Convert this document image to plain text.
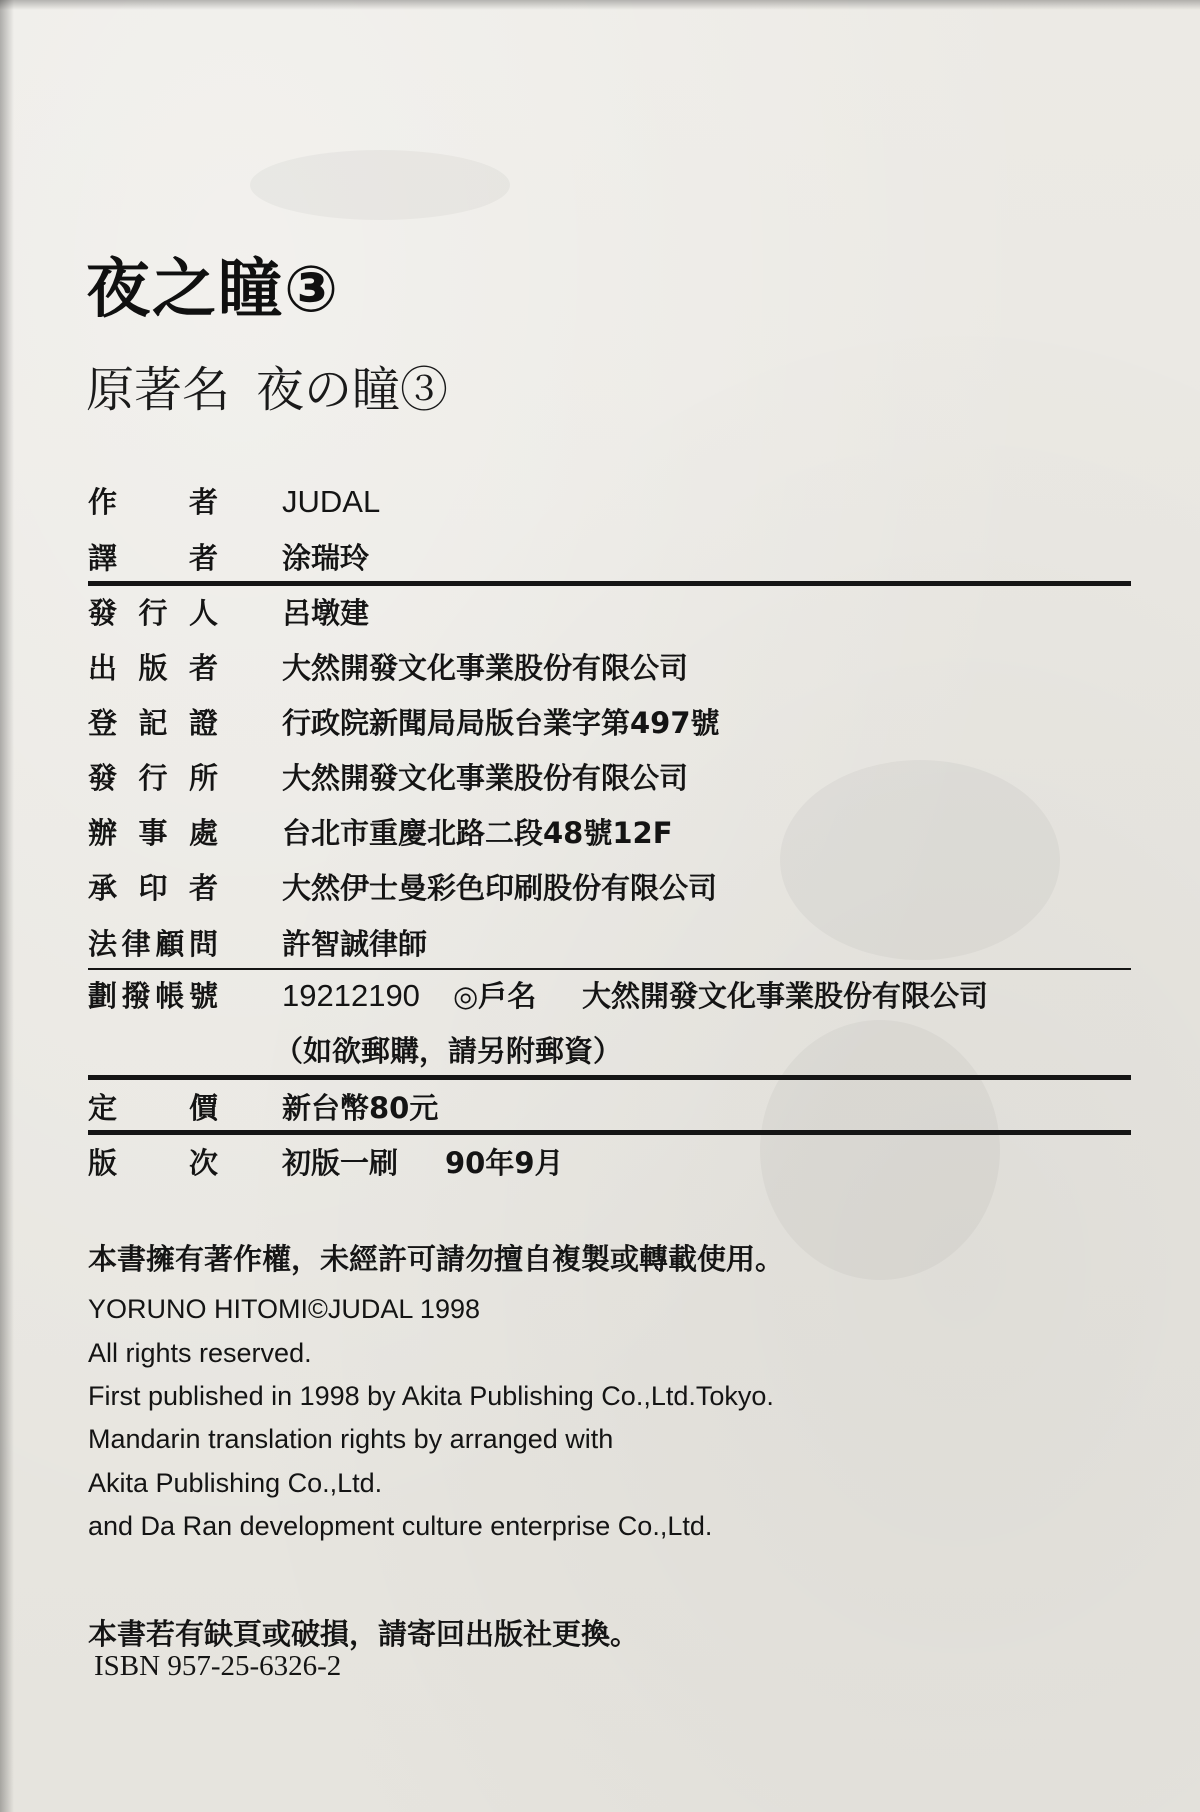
夜之瞳③
原著名 夜の瞳③
作 者 JUDAL
譯 者 涂瑞玲
發 行 人 呂墩建
出 版 者 大然開發文化事業股份有限公司
登 記 證 行政院新聞局局版台業字第497號
發 行 所 大然開發文化事業股份有限公司
辦 事 處 台北市重慶北路二段48號12F
承 印 者 大然伊士曼彩色印刷股份有限公司
法 律 顧 問 許智誠律師
劃 撥 帳 號 19212190 ◎戶名 大然開發文化事業股份有限公司
（如欲郵購，請另附郵資）
定 價 新台幣80元
版 次 初版一刷 90年9月
本書擁有著作權，未經許可請勿擅自複製或轉載使用。
YORUNO HITOMI©JUDAL 1998
All rights reserved.
First published in 1998 by Akita Publishing Co.,Ltd.Tokyo.
Mandarin translation rights by arranged with
Akita Publishing Co.,Ltd.
and Da Ran development culture enterprise Co.,Ltd.
本書若有缺頁或破損，請寄回出版社更換。
ISBN 957-25-6326-2
